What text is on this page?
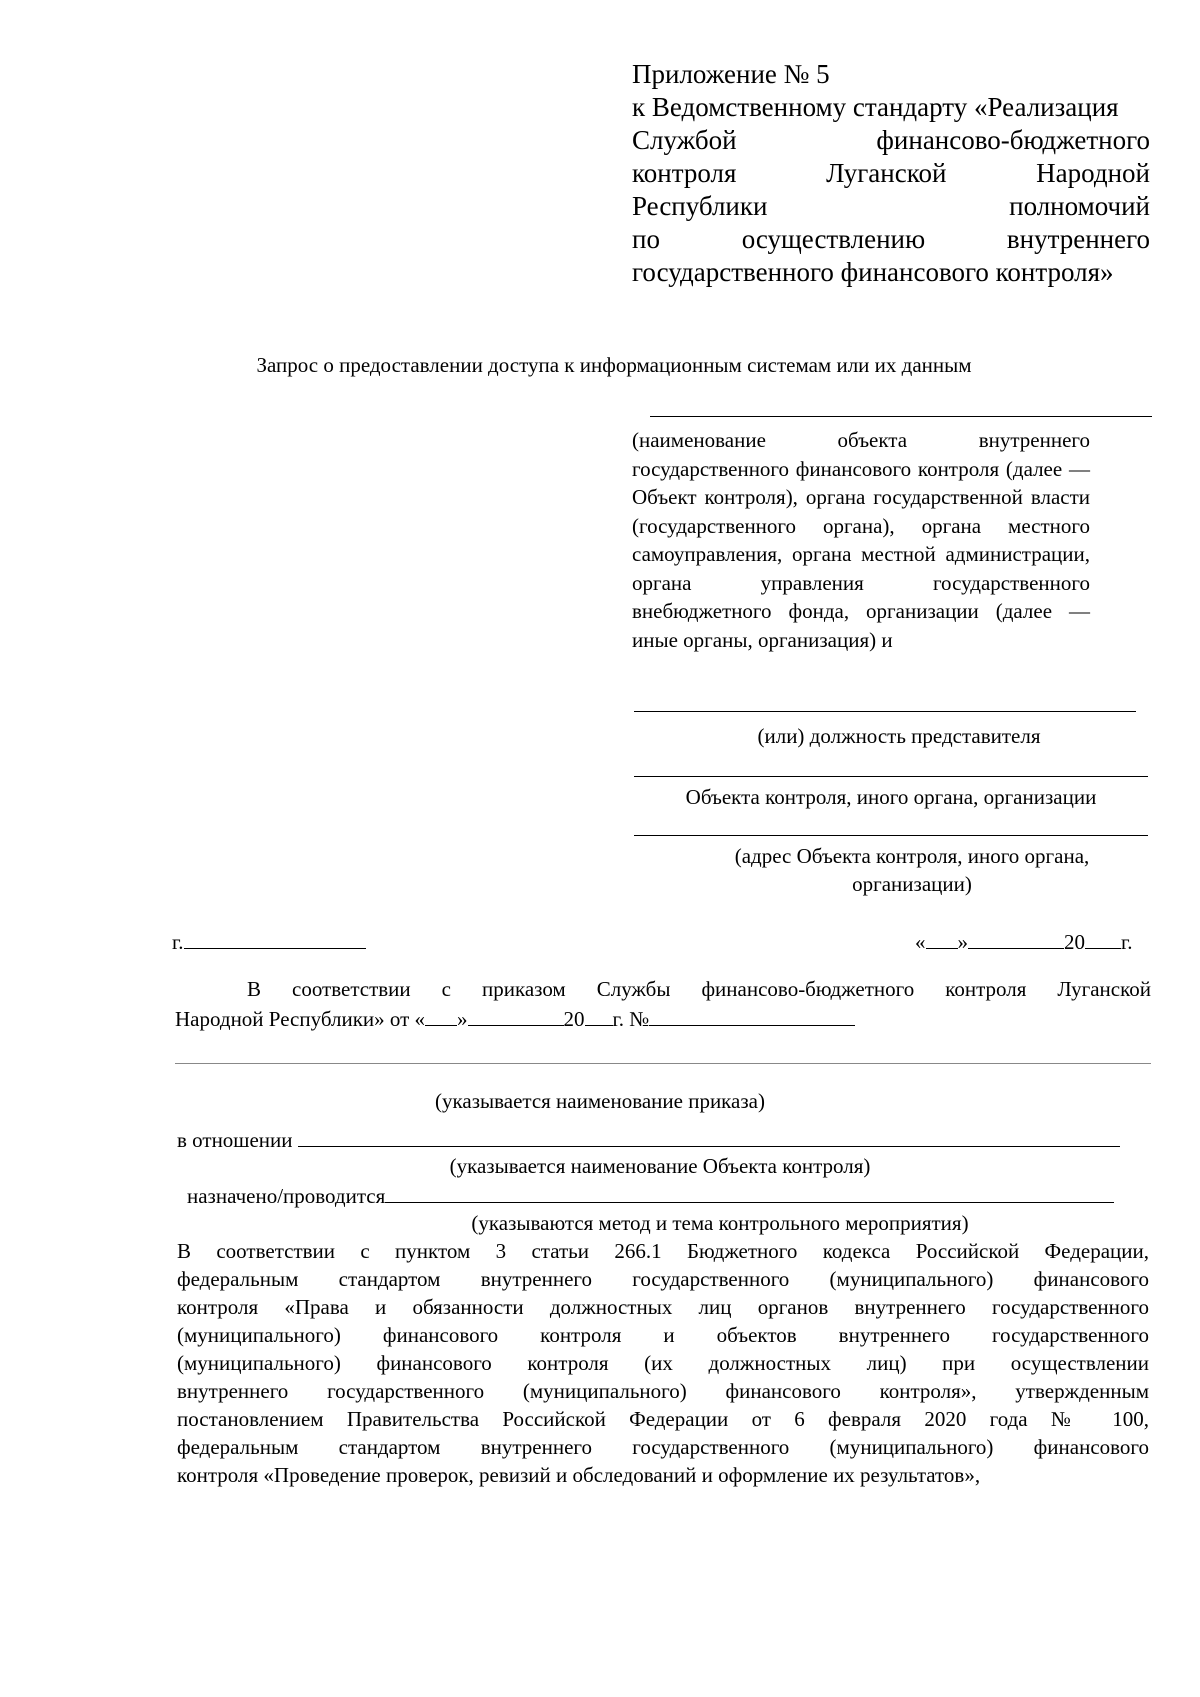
Приложение № 5
к Ведомственному стандарту «Реализация
Службой финансово-бюджетного
контроля Луганской Народной
Республики полномочий
по осуществлению внутреннего
государственного финансового контроля»
Запрос о предоставлении доступа к информационным системам или их данным
(наименование объекта внутреннего государственного финансового контроля (далее — Объект контроля), органа государственной власти (государственного органа), органа местного самоуправления, органа местной администрации, органа управления государственного внебюджетного фонда, организации (далее — иные органы, организация) и
(или) должность представителя
Объекта контроля, иного органа, организации
(адрес Объекта контроля, иного органа,
организации)
г.	« »	20 г.
В соответствии с приказом Службы финансово-бюджетного контроля Луганской
Народной Республики» от « »	20 г. №
(указывается наименование приказа)
в отношении
(указывается наименование Объекта контроля)
назначено/проводится
(указываются метод и тема контрольного мероприятия)
В соответствии с пунктом 3 статьи 266.1 Бюджетного кодекса Российской Федерации,
федеральным стандартом внутреннего государственного (муниципального) финансового
контроля «Права и обязанности должностных лиц органов внутреннего государственного
(муниципального) финансового контроля и объектов внутреннего государственного
(муниципального) финансового контроля (их должностных лиц) при осуществлении
внутреннего государственного (муниципального) финансового контроля», утвержденным
постановлением Правительства Российской Федерации от 6 февраля 2020 года № 100,
федеральным стандартом внутреннего государственного (муниципального) финансового
контроля «Проведение проверок, ревизий и обследований и оформление их результатов»,
